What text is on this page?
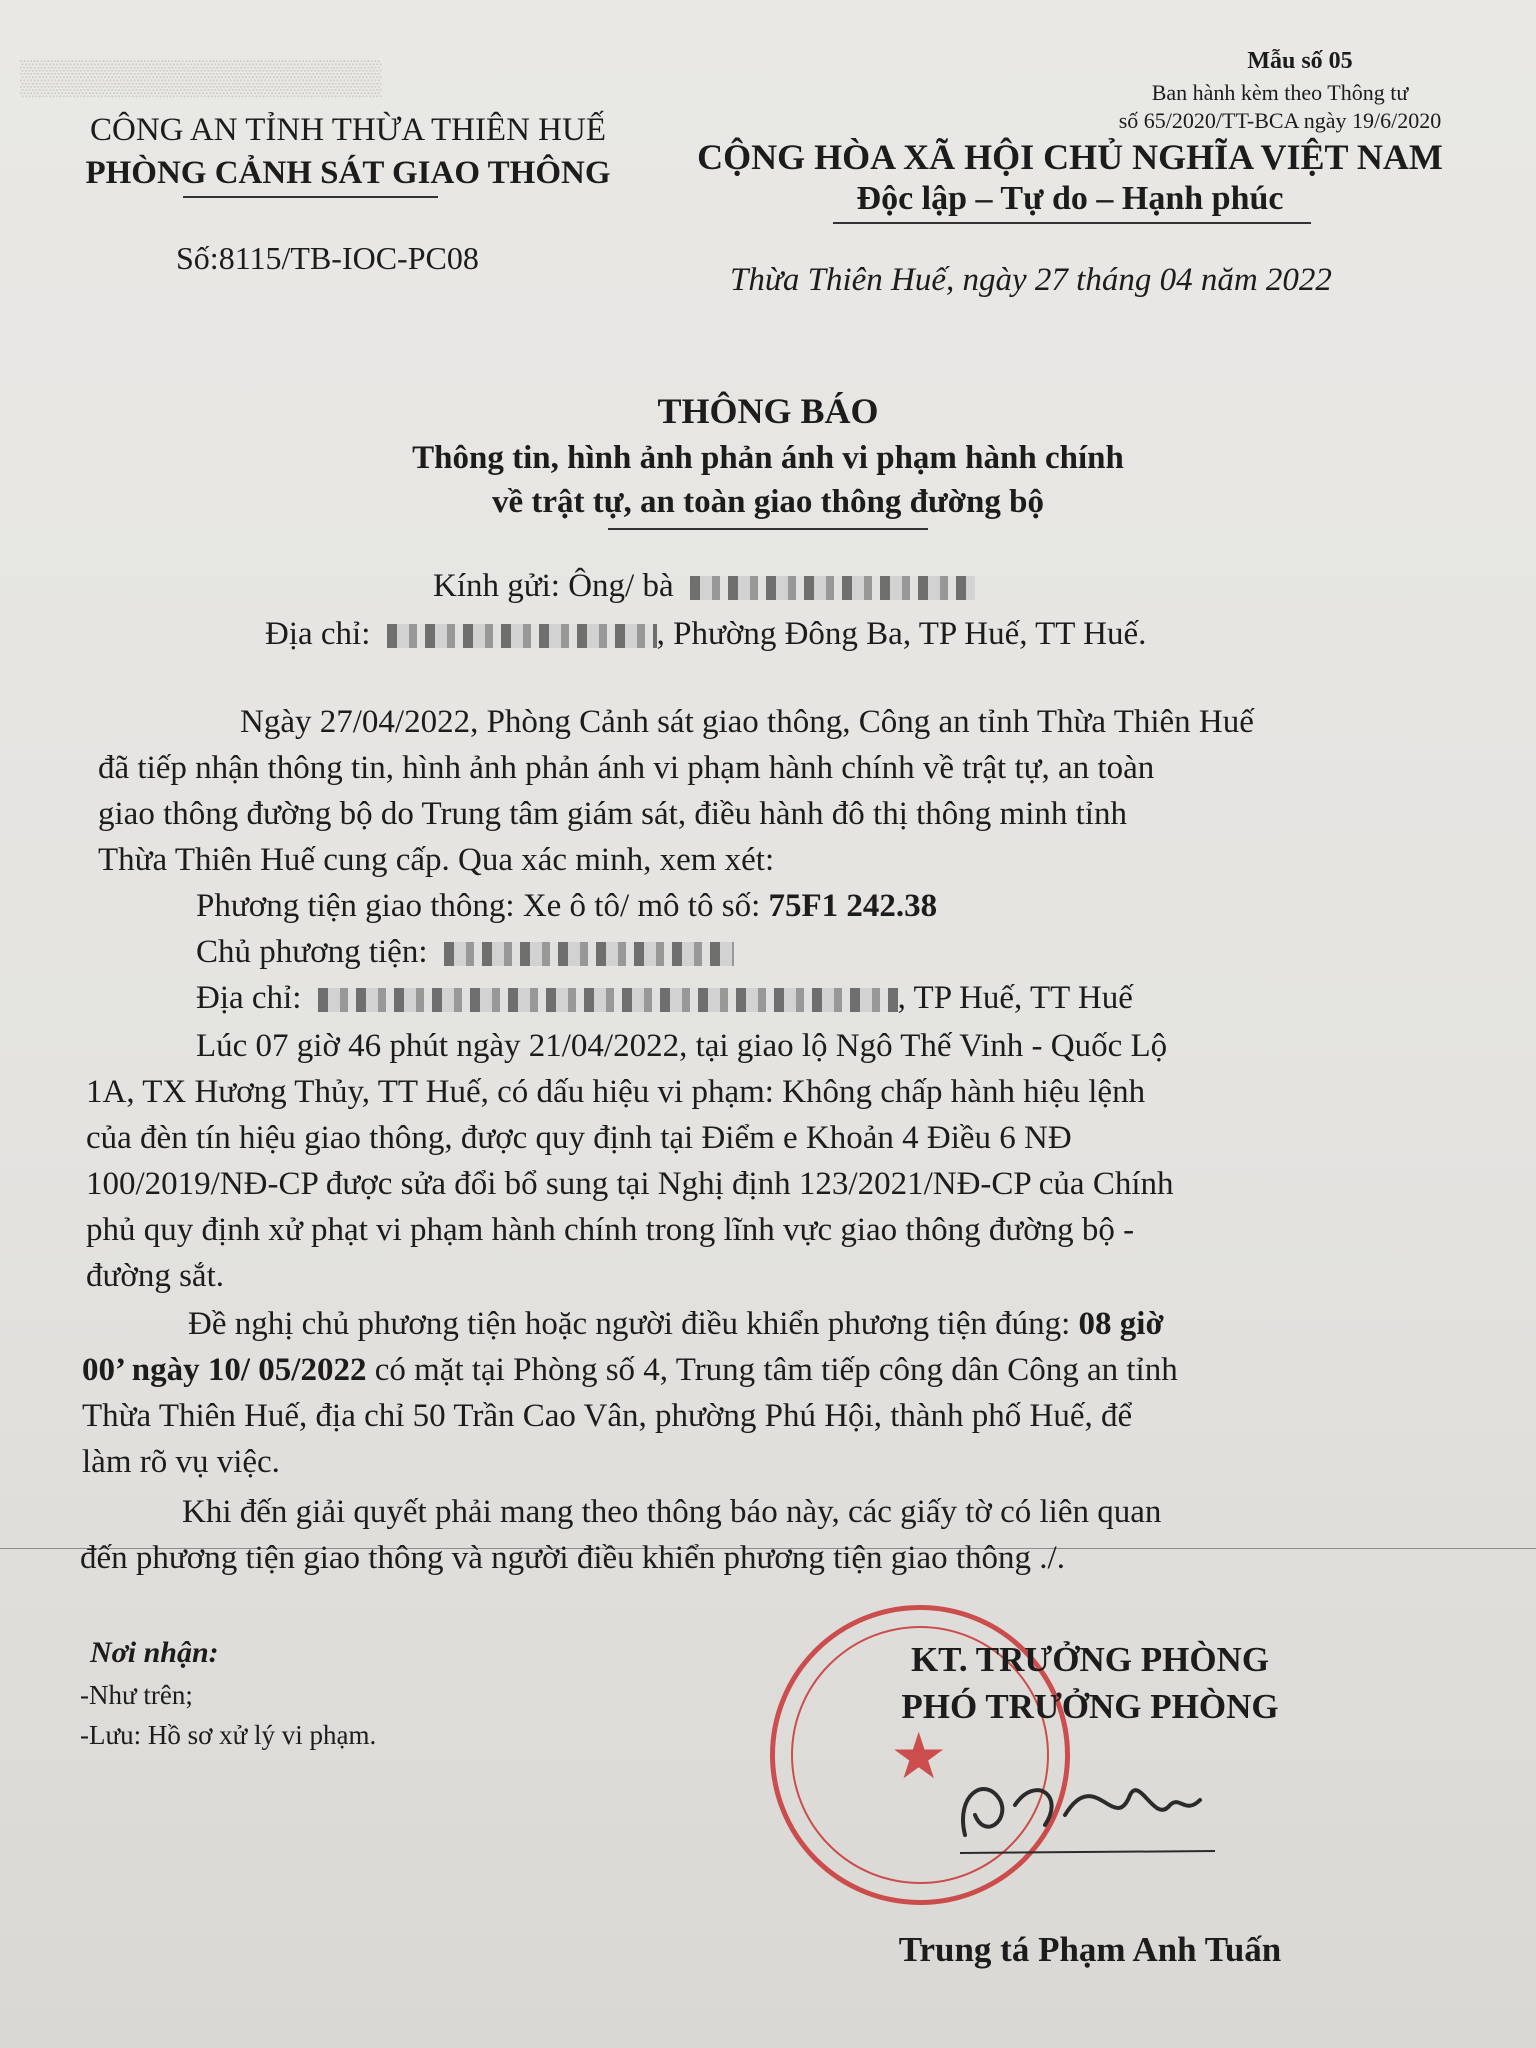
▒▒▒▒▒▒▒▒▒▒▒▒▒▒▒	Mẫu số 05
Ban hành kèm theo Thông tư
số 65/2020/TT-BCA ngày 19/6/2020
CÔNG AN TỈNH THỪA THIÊN HUẾ
PHÒNG CẢNH SÁT GIAO THÔNG
Số:8115/TB-IOC-PC08
CỘNG HÒA XÃ HỘI CHỦ NGHĨA VIỆT NAM
Độc lập – Tự do – Hạnh phúc
Thừa Thiên Huế, ngày 27 tháng 04 năm 2022
THÔNG BÁO
Thông tin, hình ảnh phản ánh vi phạm hành chính
về trật tự, an toàn giao thông đường bộ
Kính gửi: Ông/ bà
Địa chỉ:	, Phường Đông Ba, TP Huế, TT Huế.
Ngày 27/04/2022, Phòng Cảnh sát giao thông, Công an tỉnh Thừa Thiên Huế
đã tiếp nhận thông tin, hình ảnh phản ánh vi phạm hành chính về trật tự, an toàn
giao thông đường bộ do Trung tâm giám sát, điều hành đô thị thông minh tỉnh
Thừa Thiên Huế cung cấp. Qua xác minh, xem xét:
Phương tiện giao thông: Xe ô tô/ mô tô số: 75F1 242.38
Chủ phương tiện:
Địa chỉ:	, TP Huế, TT Huế
Lúc 07 giờ 46 phút ngày 21/04/2022, tại giao lộ Ngô Thế Vinh - Quốc Lộ
1A, TX Hương Thủy, TT Huế, có dấu hiệu vi phạm: Không chấp hành hiệu lệnh
của đèn tín hiệu giao thông, được quy định tại Điểm e Khoản 4 Điều 6 NĐ
100/2019/NĐ-CP được sửa đổi bổ sung tại Nghị định 123/2021/NĐ-CP của Chính
phủ quy định xử phạt vi phạm hành chính trong lĩnh vực giao thông đường bộ -
đường sắt.
Đề nghị chủ phương tiện hoặc người điều khiển phương tiện đúng: 08 giờ
00’ ngày 10/ 05/2022 có mặt tại Phòng số 4, Trung tâm tiếp công dân Công an tỉnh
Thừa Thiên Huế, địa chỉ 50 Trần Cao Vân, phường Phú Hội, thành phố Huế, để
làm rõ vụ việc.
Khi đến giải quyết phải mang theo thông báo này, các giấy tờ có liên quan
đến phương tiện giao thông và người điều khiển phương tiện giao thông ./.
Nơi nhận:
-Như trên;
-Lưu: Hồ sơ xử lý vi phạm.	★
KT. TRƯỞNG PHÒNG
PHÓ TRƯỞNG PHÒNG
Trung tá Phạm Anh Tuấn
